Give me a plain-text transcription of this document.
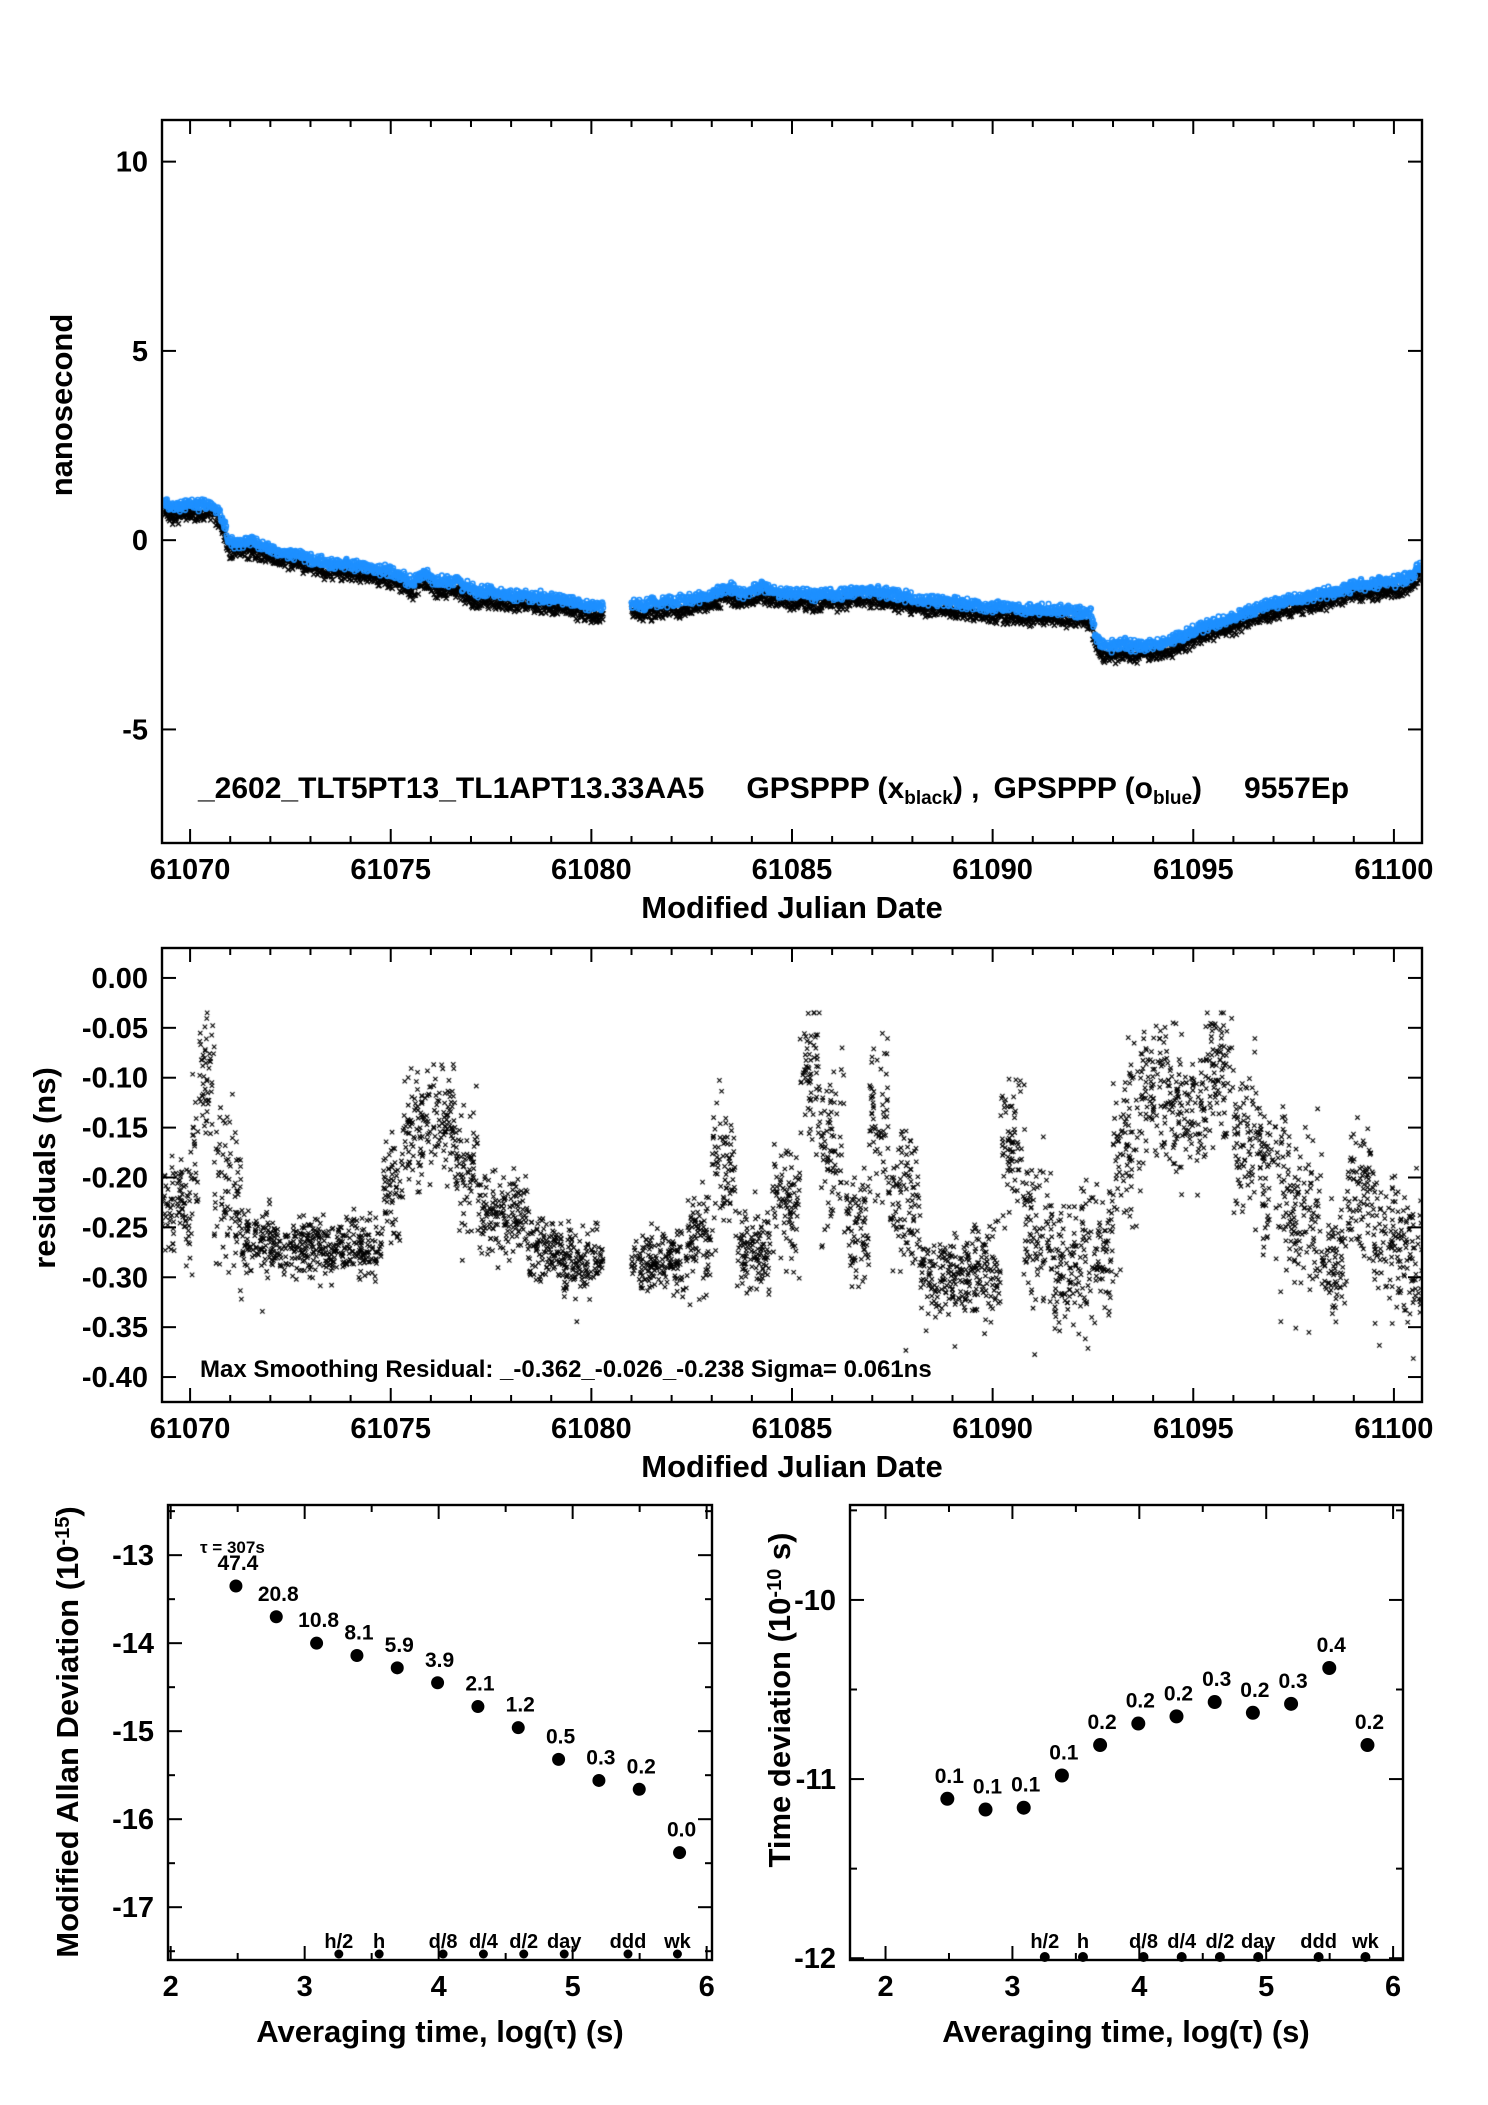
61070	61075	61080	61085	61090	61095	61100
-5
0
5
10
61070	61075	61080	61085	61090	61095	61100
0.00
-0.05
-0.10
-0.15
-0.20
-0.25
-0.30
-0.35
-0.40
2	3	4	5	6
-13
-14
-15
-16
-17
47.4
20.8
10.8
8.1
5.9
3.9
2.1
1.2
0.5
0.3 0.2
0.0
h/2 h d/8 d/4 d/2 day ddd wk
2	3	4	5	6
-10
-11
-12
0.1 0.1 0.1
0.1
0.2
0.2 0.2
0.3 0.2 0.3
0.4
0.2
h/2 h d/8 d/4 d/2 day ddd wk
nanosecond
Modified Julian Date
_2602_TLT5PT13_TL1APT13.33AA5 GPSPPP $(x_{black})$ , GPSPPP $(o_{blue})$ 9557Ep
residuals (ns)
Modified Julian Date
Max Smoothing Residual: _-0.362_-0.026_-0.238 Sigma= 0.061ns
Modified Allan Deviation $(10^{-15})$
Averaging time, log(τ) (s)
τ = 307s
Time deviation ($10^{-10}$ s)
Averaging time, log(τ) (s)
